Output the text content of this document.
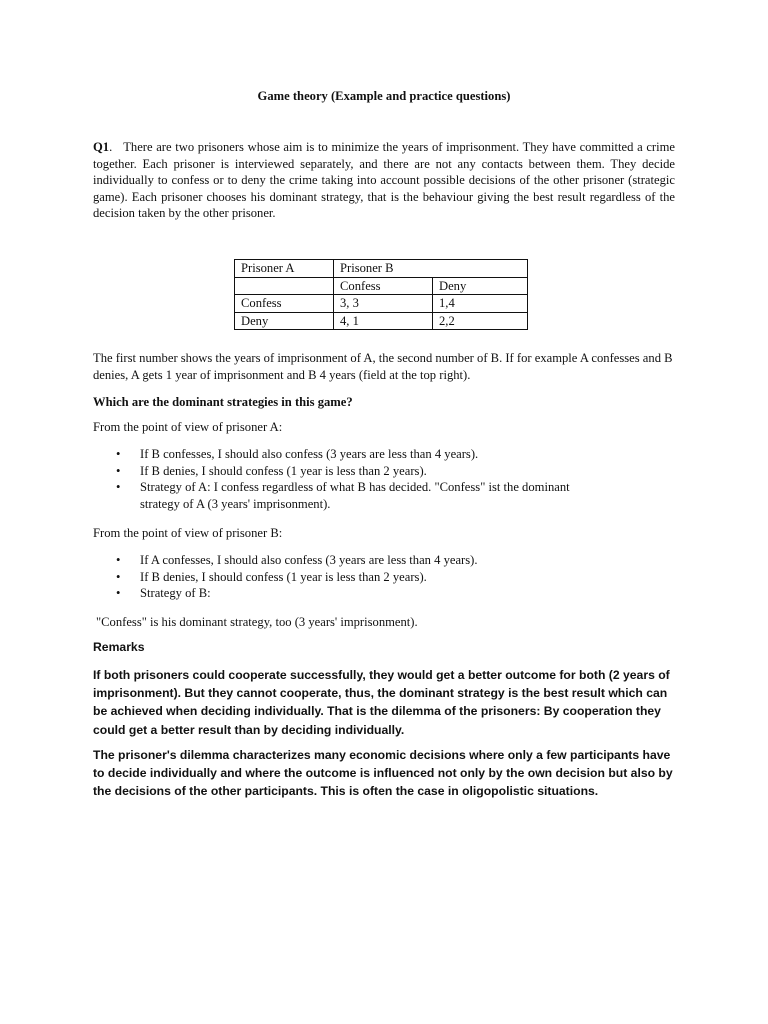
Game theory (Example and practice questions)

Q1. There are two prisoners whose aim is to minimize the years of imprisonment. They have committed a crime together. Each prisoner is interviewed separately, and there are not any contacts between them. They decide individually to confess or to deny the crime taking into account possible decisions of the other prisoner (strategic game). Each prisoner chooses his dominant strategy, that is the behaviour giving the best result regardless of the decision taken by the other prisoner.

Prisoner A	Prisoner B	
	Confess	Deny
Confess	3, 3	1,4
Deny	4, 1	2,2

The first number shows the years of imprisonment of A, the second number of B. If for example A confesses and B denies, A gets 1 year of imprisonment and B 4 years (field at the top right).

Which are the dominant strategies in this game?

From the point of view of prisoner A:

• If B confesses, I should also confess (3 years are less than 4 years).
• If B denies, I should confess (1 year is less than 2 years).
• Strategy of A: I confess regardless of what B has decided. "Confess" ist the dominant strategy of A (3 years' imprisonment).

From the point of view of prisoner B:

• If A confesses, I should also confess (3 years are less than 4 years).
• If B denies, I should confess (1 year is less than 2 years).
• Strategy of B:

"Confess" is his dominant strategy, too (3 years' imprisonment).

Remarks

If both prisoners could cooperate successfully, they would get a better outcome for both (2 years of imprisonment). But they cannot cooperate, thus, the dominant strategy is the best result which can be achieved when deciding individually. That is the dilemma of the prisoners: By cooperation they could get a better result than by deciding individually.

The prisoner's dilemma characterizes many economic decisions where only a few participants have to decide individually and where the outcome is influenced not only by the own decision but also by the decisions of the other participants. This is often the case in oligopolistic situations.
